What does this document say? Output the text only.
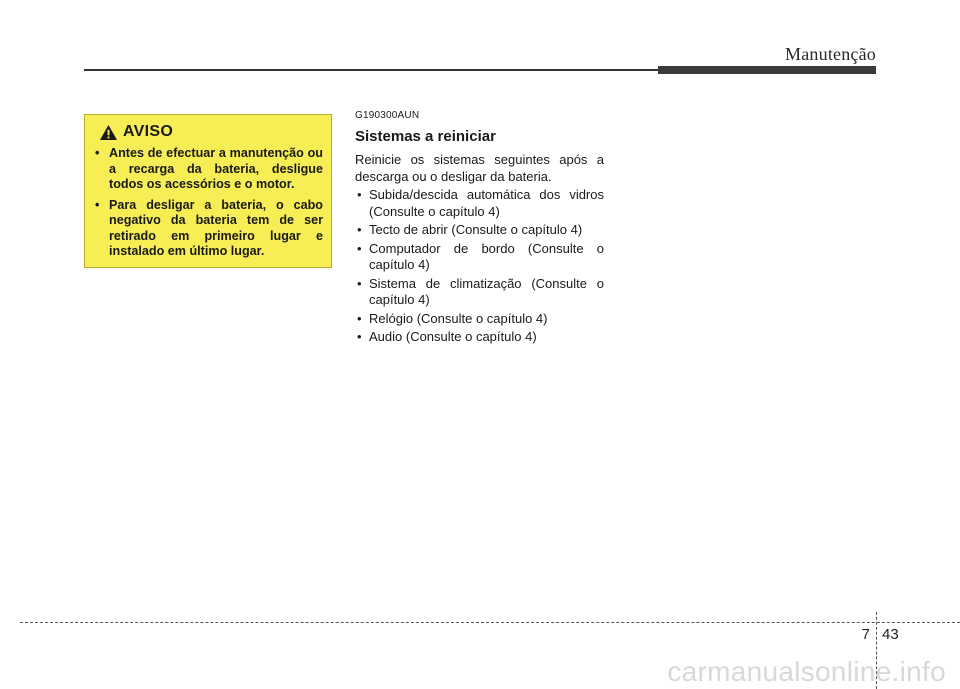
Manutenção
AVISO
• Antes de efectuar a manutenção ou a recarga da bateria, desligue todos os acessórios e o motor.
• Para desligar a bateria, o cabo negativo da bateria tem de ser retirado em primeiro lugar e instalado em último lugar.
G190300AUN
Sistemas a reiniciar
Reinicie os sistemas seguintes após a descarga ou o desligar da bateria.
• Subida/descida automática dos vidros (Consulte o capítulo 4)
• Tecto de abrir (Consulte o capítulo 4)
• Computador de bordo (Consulte o capítulo 4)
• Sistema de climatização (Consulte o capítulo 4)
• Relógio (Consulte o capítulo 4)
• Audio (Consulte o capítulo 4)
7 43
carmanualsonline.info
